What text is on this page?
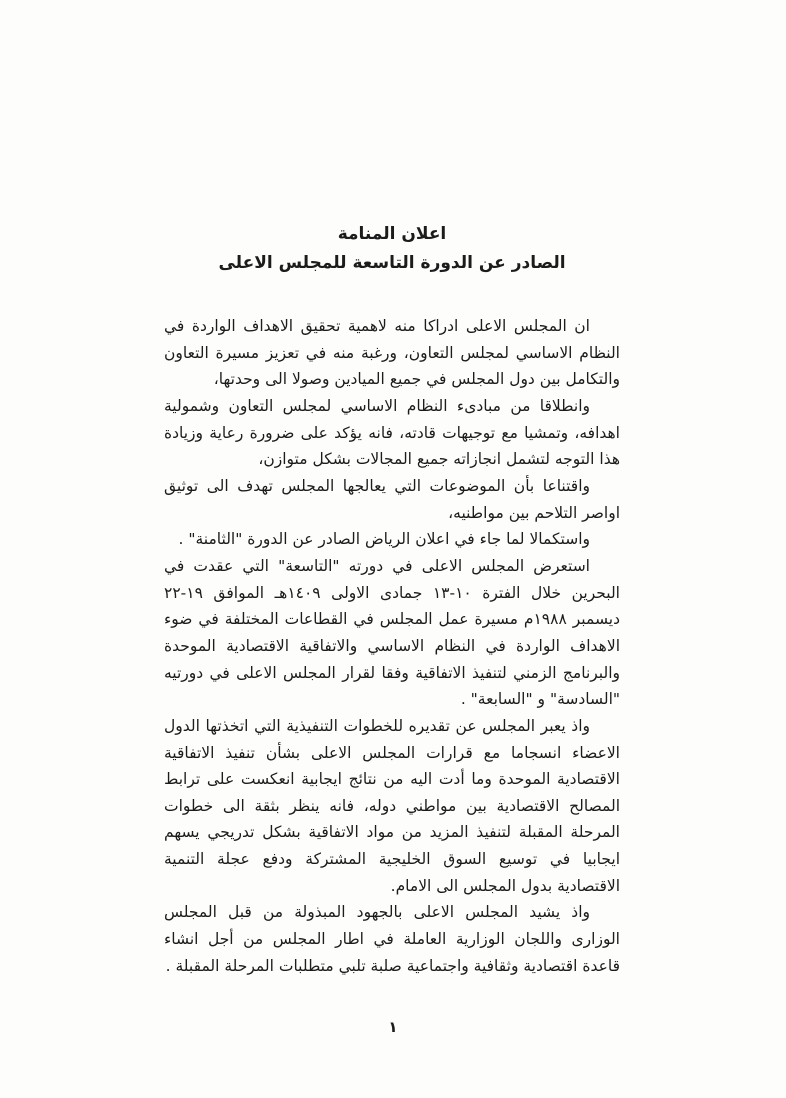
اعلان المنامة
الصادر عن الدورة التاسعة للمجلس الاعلى

ان المجلس الاعلى ادراكا منه لاهمية تحقيق الاهداف الواردة في النظام الاساسي لمجلس التعاون، ورغبة منه في تعزيز مسيرة التعاون والتكامل بين دول المجلس في جميع الميادين وصولا الى وحدتها،

وانطلاقا من مبادىء النظام الاساسي لمجلس التعاون وشمولية اهدافه، وتمشيا مع توجيهات قادته، فانه يؤكد على ضرورة رعاية وزيادة هذا التوجه لتشمل انجازاته جميع المجالات بشكل متوازن،

واقتناعا بأن الموضوعات التي يعالجها المجلس تهدف الى توثيق اواصر التلاحم بين مواطنيه،

واستكمالا لما جاء في اعلان الرياض الصادر عن الدورة "الثامنة" .

استعرض المجلس الاعلى في دورته "التاسعة" التي عقدت في البحرين خلال الفترة ١٠-١٣ جمادى الاولى ١٤٠٩هـ الموافق ١٩-٢٢ ديسمبر ١٩٨٨م مسيرة عمل المجلس في القطاعات المختلفة في ضوء الاهداف الواردة في النظام الاساسي والاتفاقية الاقتصادية الموحدة والبرنامج الزمني لتنفيذ الاتفاقية وفقا لقرار المجلس الاعلى في دورتيه "السادسة" و "السابعة" .

واذ يعبر المجلس عن تقديره للخطوات التنفيذية التي اتخذتها الدول الاعضاء انسجاما مع قرارات المجلس الاعلى بشأن تنفيذ الاتفاقية الاقتصادية الموحدة وما أدت اليه من نتائج ايجابية انعكست على ترابط المصالح الاقتصادية بين مواطني دوله، فانه ينظر بثقة الى خطوات المرحلة المقبلة لتنفيذ المزيد من مواد الاتفاقية بشكل تدريجي يسهم ايجابيا في توسيع السوق الخليجية المشتركة ودفع عجلة التنمية الاقتصادية بدول المجلس الى الامام.

واذ يشيد المجلس الاعلى بالجهود المبذولة من قبل المجلس الوزارى واللجان الوزارية العاملة في اطار المجلس من أجل انشاء قاعدة اقتصادية وثقافية واجتماعية صلبة تلبي متطلبات المرحلة المقبلة .

١
